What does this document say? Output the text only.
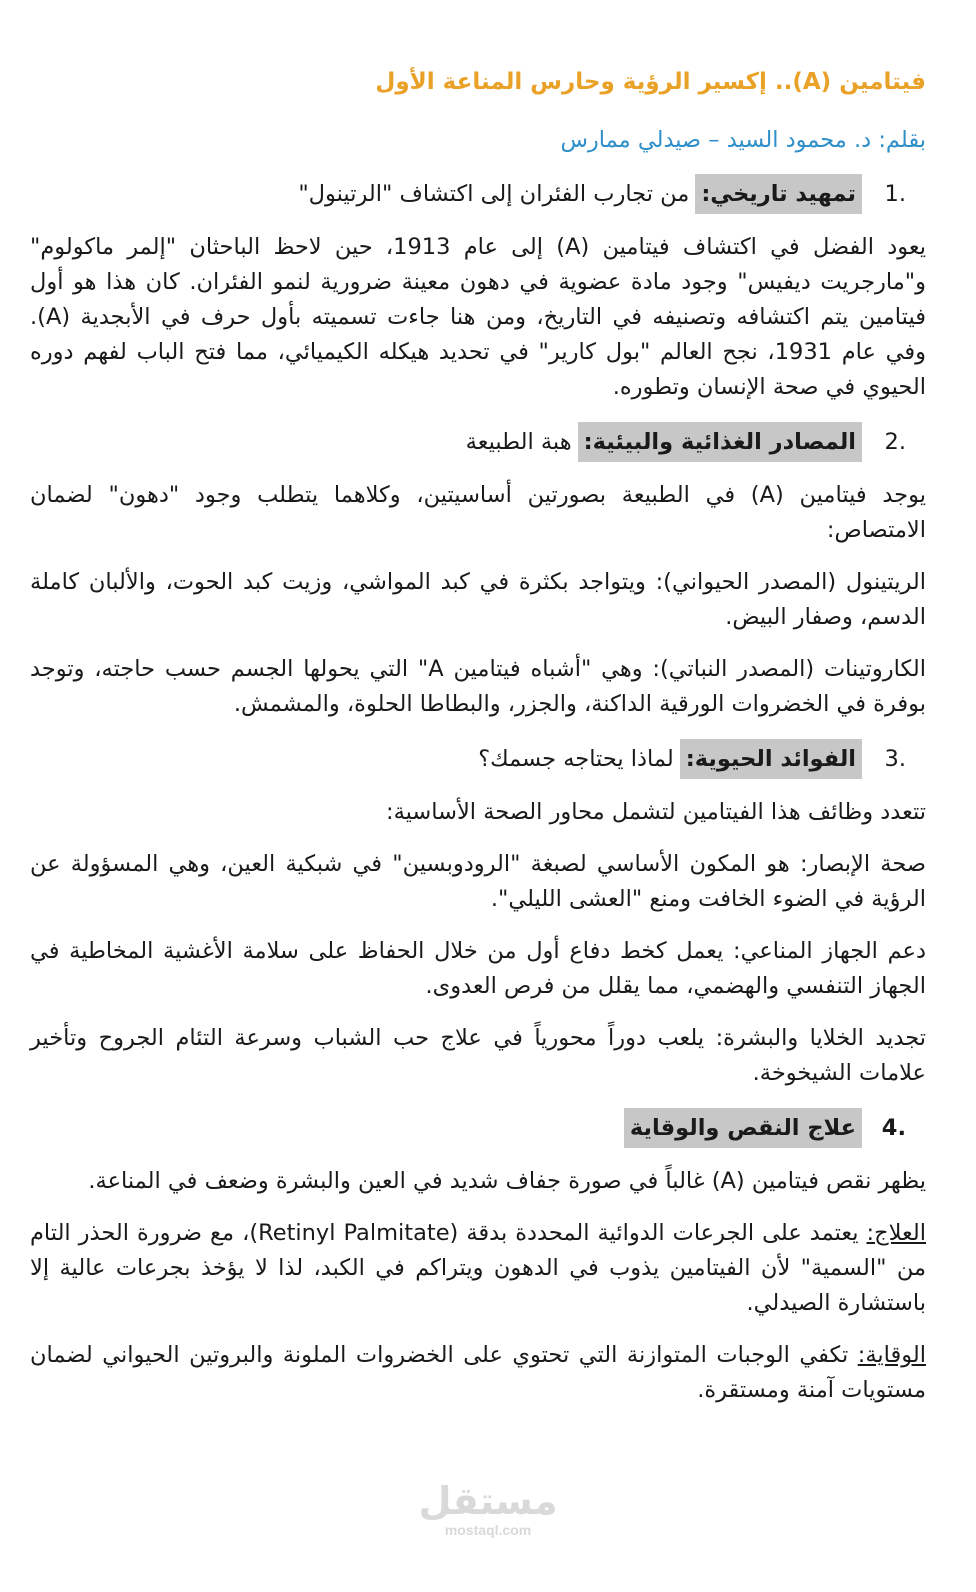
فيتامين (A).. إكسير الرؤية وحارس المناعة الأول
بقلم: د. محمود السيد – صيدلي ممارس
1.
تمهيد تاريخي:
من تجارب الفئران إلى اكتشاف "الرتينول"

يعود الفضل في اكتشاف فيتامين (A) إلى عام 1913، حين لاحظ الباحثان "إلمر ماكولوم" و"مارجريت ديفيس" وجود مادة عضوية في دهون معينة ضرورية لنمو الفئران. كان هذا هو أول فيتامين يتم اكتشافه وتصنيفه في التاريخ، ومن هنا جاءت تسميته بأول حرف في الأبجدية (A). وفي عام 1931، نجح العالم "بول كارير" في تحديد هيكله الكيميائي، مما فتح الباب لفهم دوره الحيوي في صحة الإنسان وتطوره.

2.
المصادر الغذائية والبيئية:
هبة الطبيعة

يوجد فيتامين (A) في الطبيعة بصورتين أساسيتين، وكلاهما يتطلب وجود "دهون" لضمان الامتصاص:

الريتينول (المصدر الحيواني): ويتواجد بكثرة في كبد المواشي، وزيت كبد الحوت، والألبان كاملة الدسم، وصفار البيض.

الكاروتينات (المصدر النباتي): وهي "أشباه فيتامين A" التي يحولها الجسم حسب حاجته، وتوجد بوفرة في الخضروات الورقية الداكنة، والجزر، والبطاطا الحلوة، والمشمش.

3.
الفوائد الحيوية:
لماذا يحتاجه جسمك؟

تتعدد وظائف هذا الفيتامين لتشمل محاور الصحة الأساسية:

صحة الإبصار: هو المكون الأساسي لصبغة "الرودوبسين" في شبكية العين، وهي المسؤولة عن الرؤية في الضوء الخافت ومنع "العشى الليلي".

دعم الجهاز المناعي: يعمل كخط دفاع أول من خلال الحفاظ على سلامة الأغشية المخاطية في الجهاز التنفسي والهضمي، مما يقلل من فرص العدوى.

تجديد الخلايا والبشرة: يلعب دوراً محورياً في علاج حب الشباب وسرعة التئام الجروح وتأخير علامات الشيخوخة.

4.
علاج النقص والوقاية

يظهر نقص فيتامين (A) غالباً في صورة جفاف شديد في العين والبشرة وضعف في المناعة.

العلاج: يعتمد على الجرعات الدوائية المحددة بدقة (Retinyl Palmitate)، مع ضرورة الحذر التام من "السمية" لأن الفيتامين يذوب في الدهون ويتراكم في الكبد، لذا لا يؤخذ بجرعات عالية إلا باستشارة الصيدلي.

الوقاية: تكفي الوجبات المتوازنة التي تحتوي على الخضروات الملونة والبروتين الحيواني لضمان مستويات آمنة ومستقرة.

مستقل
mostaql.com
